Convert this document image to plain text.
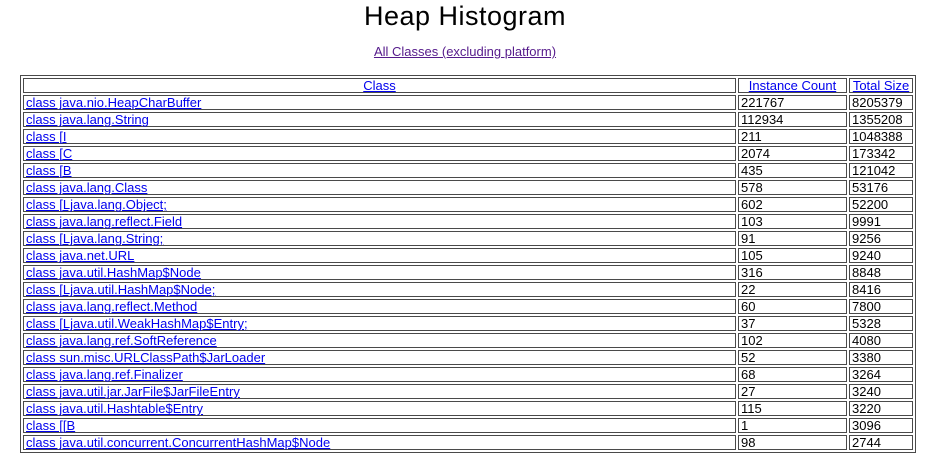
Heap Histogram

All Classes (excluding platform)

Class	Instance Count	Total Size
class java.nio.HeapCharBuffer	221767	8205379
class java.lang.String	112934	1355208
class [I	211	1048388
class [C	2074	173342
class [B	435	121042
class java.lang.Class	578	53176
class [Ljava.lang.Object;	602	52200
class java.lang.reflect.Field	103	9991
class [Ljava.lang.String;	91	9256
class java.net.URL	105	9240
class java.util.HashMap$Node	316	8848
class [Ljava.util.HashMap$Node;	22	8416
class java.lang.reflect.Method	60	7800
class [Ljava.util.WeakHashMap$Entry;	37	5328
class java.lang.ref.SoftReference	102	4080
class sun.misc.URLClassPath$JarLoader	52	3380
class java.lang.ref.Finalizer	68	3264
class java.util.jar.JarFile$JarFileEntry	27	3240
class java.util.Hashtable$Entry	115	3220
class [[B	1	3096
class java.util.concurrent.ConcurrentHashMap$Node	98	2744
